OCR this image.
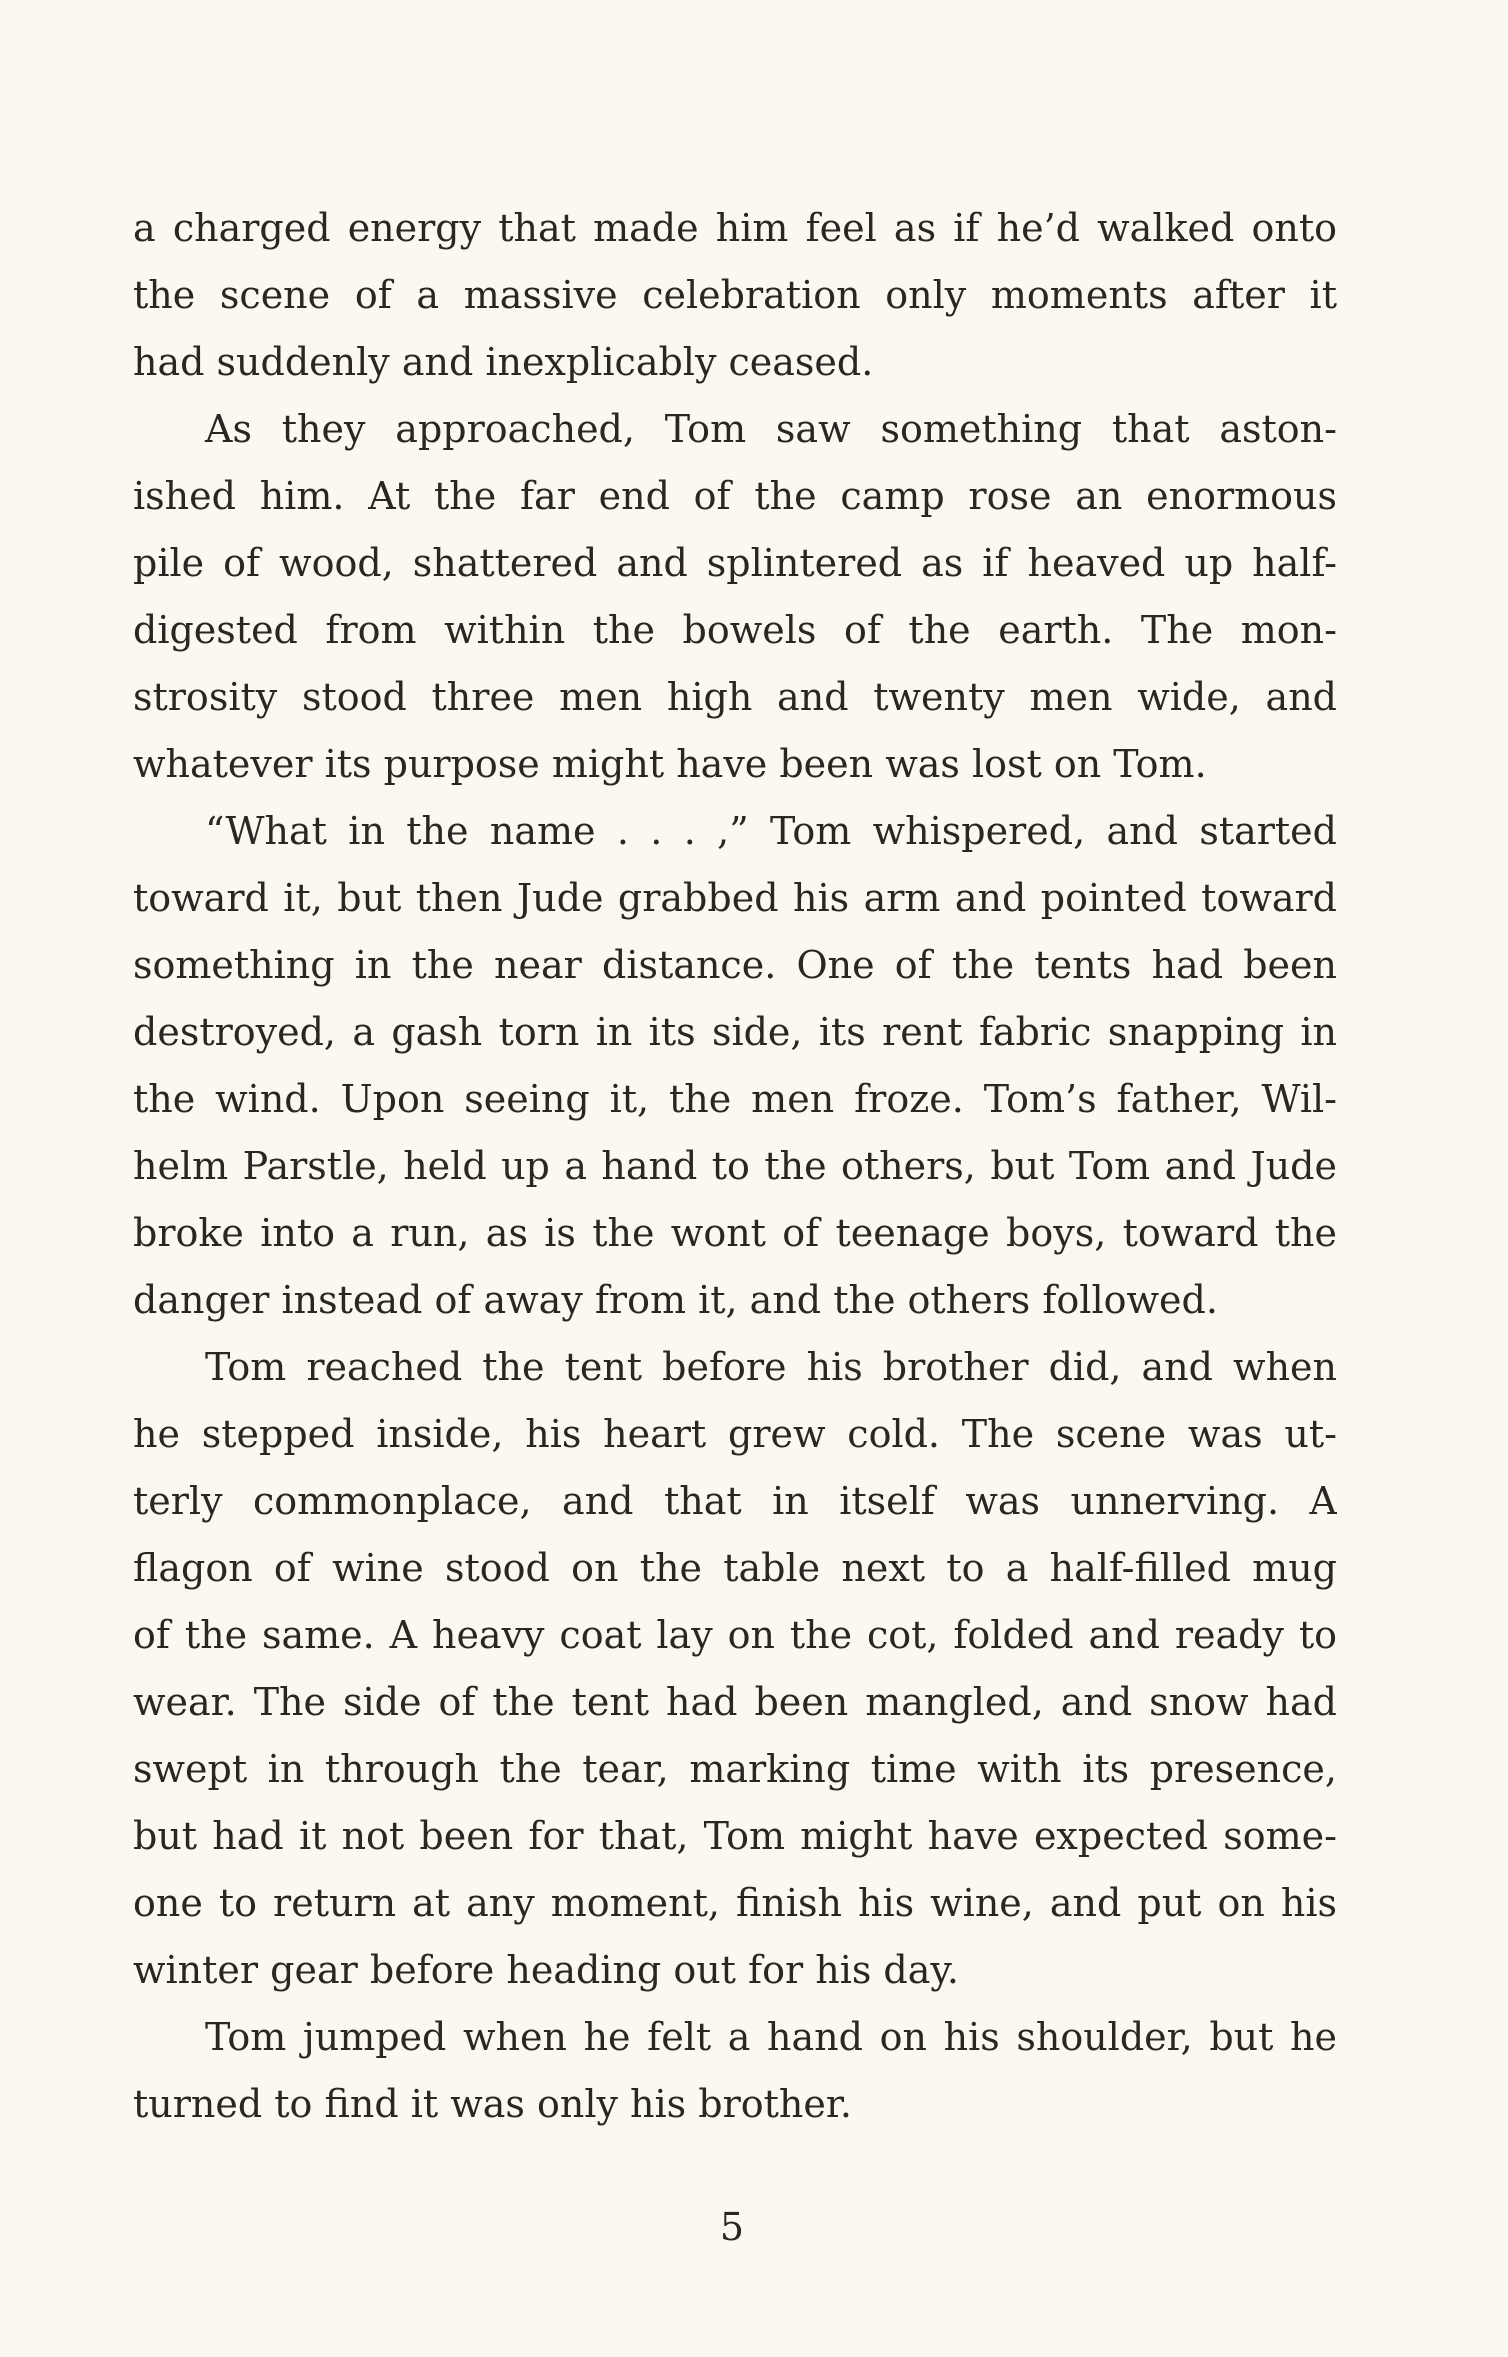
a charged energy that made him feel as if he’d walked onto
the scene of a massive celebration only moments after it
had suddenly and inexplicably ceased.
As they approached, Tom saw something that aston-
ished him. At the far end of the camp rose an enormous
pile of wood, shattered and splintered as if heaved up half-
digested from within the bowels of the earth. The mon-
strosity stood three men high and twenty men wide, and
whatever its purpose might have been was lost on Tom.
“What in the name . . . ,” Tom whispered, and started
toward it, but then Jude grabbed his arm and pointed toward
something in the near distance. One of the tents had been
destroyed, a gash torn in its side, its rent fabric snapping in
the wind. Upon seeing it, the men froze. Tom’s father, Wil-
helm Parstle, held up a hand to the others, but Tom and Jude
broke into a run, as is the wont of teenage boys, toward the
danger instead of away from it, and the others followed.
Tom reached the tent before his brother did, and when
he stepped inside, his heart grew cold. The scene was ut-
terly commonplace, and that in itself was unnerving. A
flagon of wine stood on the table next to a half-filled mug
of the same. A heavy coat lay on the cot, folded and ready to
wear. The side of the tent had been mangled, and snow had
swept in through the tear, marking time with its presence,
but had it not been for that, Tom might have expected some-
one to return at any moment, finish his wine, and put on his
winter gear before heading out for his day.
Tom jumped when he felt a hand on his shoulder, but he
turned to find it was only his brother.
5
